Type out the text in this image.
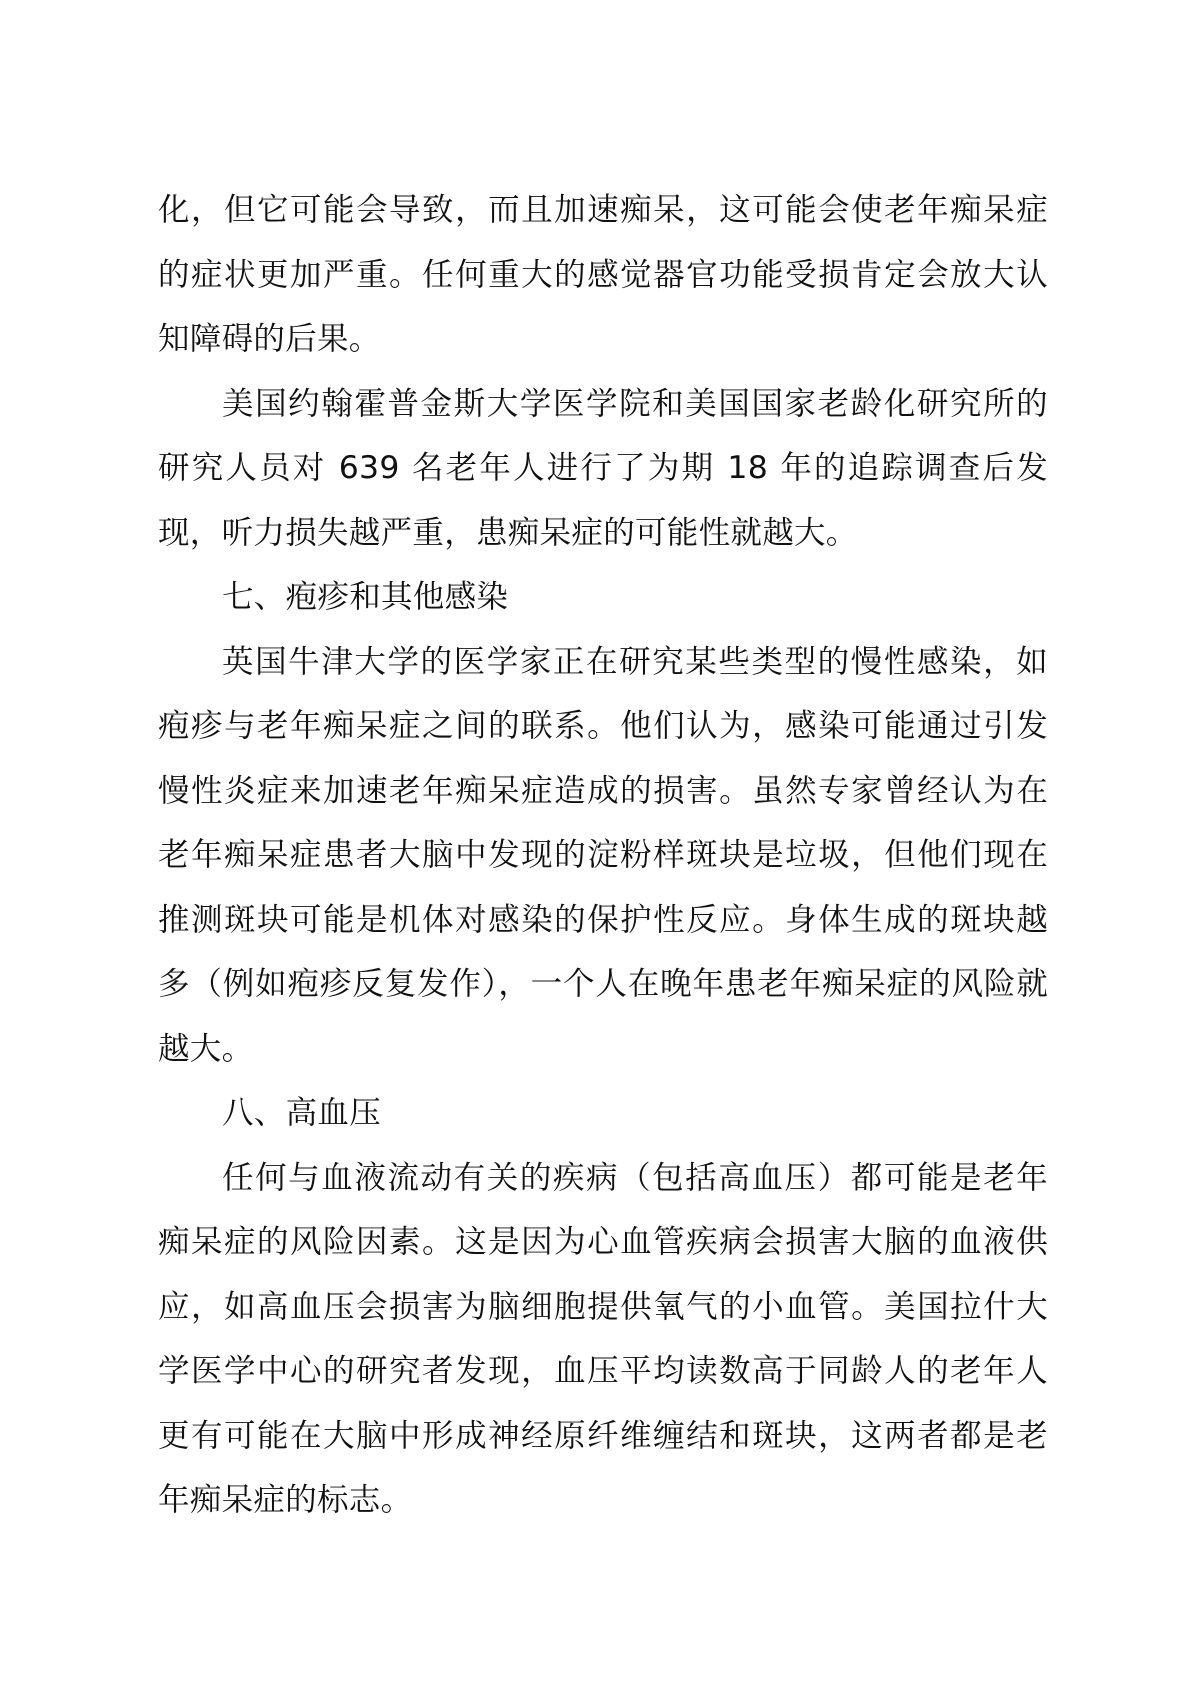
化，但它可能会导致，而且加速痴呆，这可能会使老年痴呆症的症状更加严重。任何重大的感觉器官功能受损肯定会放大认知障碍的后果。

美国约翰霍普金斯大学医学院和美国国家老龄化研究所的研究人员对 639 名老年人进行了为期 18 年的追踪调查后发现，听力损失越严重，患痴呆症的可能性就越大。

七、疱疹和其他感染

英国牛津大学的医学家正在研究某些类型的慢性感染，如疱疹与老年痴呆症之间的联系。他们认为，感染可能通过引发慢性炎症来加速老年痴呆症造成的损害。虽然专家曾经认为在老年痴呆症患者大脑中发现的淀粉样斑块是垃圾，但他们现在推测斑块可能是机体对感染的保护性反应。身体生成的斑块越多（例如疱疹反复发作），一个人在晚年患老年痴呆症的风险就越大。

八、高血压

任何与血液流动有关的疾病（包括高血压）都可能是老年痴呆症的风险因素。这是因为心血管疾病会损害大脑的血液供应，如高血压会损害为脑细胞提供氧气的小血管。美国拉什大学医学中心的研究者发现，血压平均读数高于同龄人的老年人更有可能在大脑中形成神经原纤维缠结和斑块，这两者都是老年痴呆症的标志。
